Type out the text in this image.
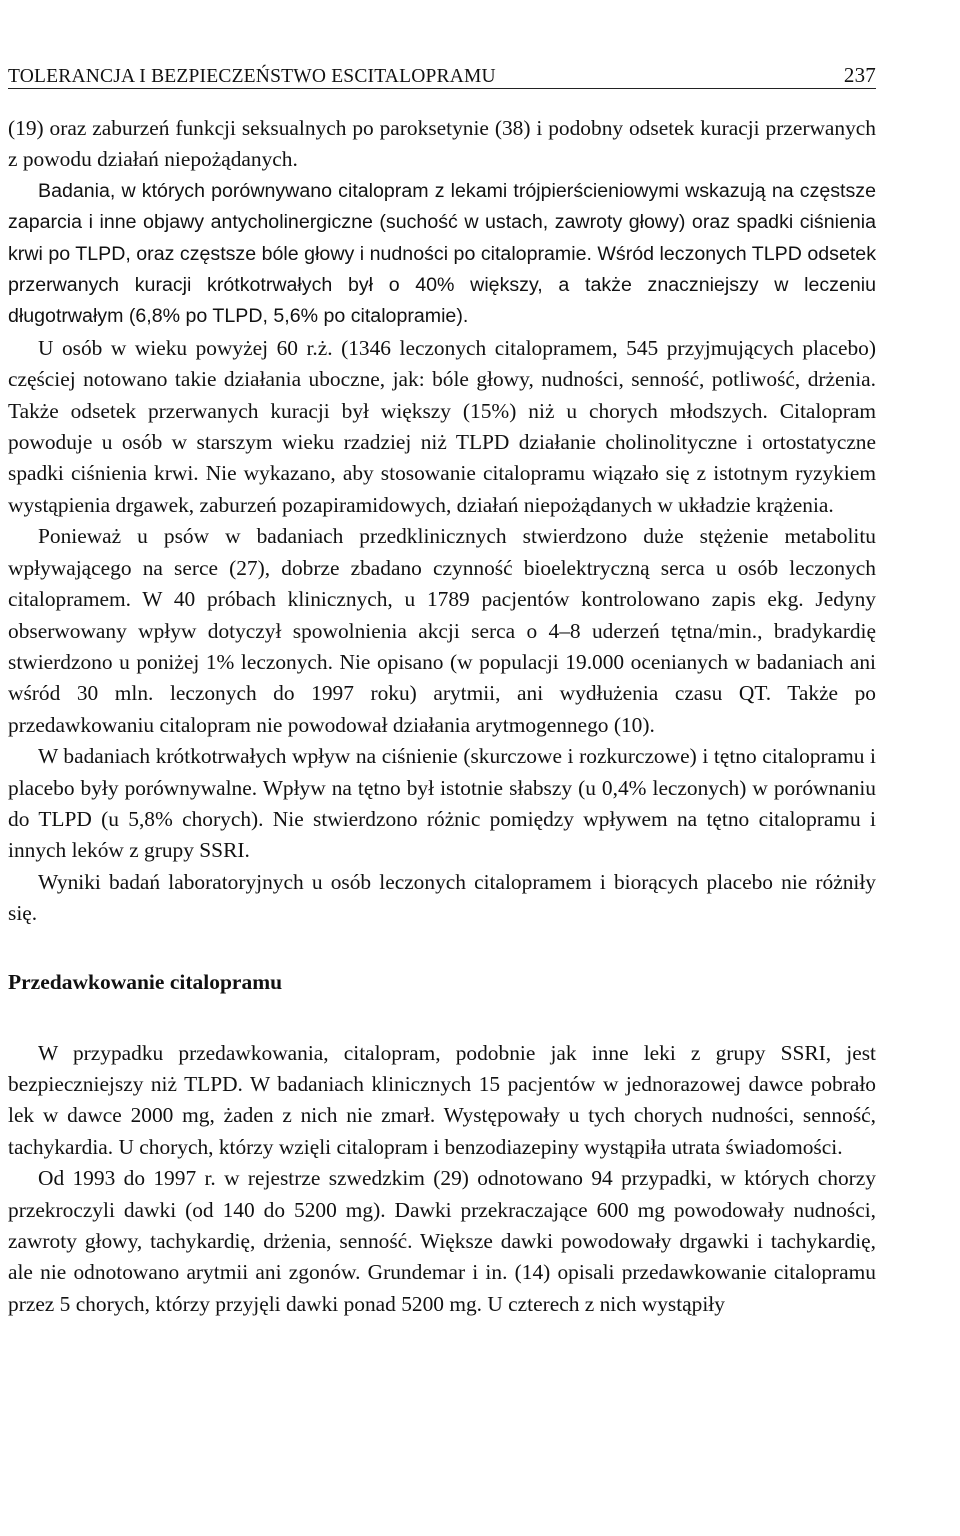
TOLERANCJA I BEZPIECZEŃSTWO ESCITALOPRAMU	237

(19) oraz zaburzeń funkcji seksualnych po paroksetynie (38) i podobny odsetek kuracji przerwanych z powodu działań niepożądanych.

Badania, w których porównywano citalopram z lekami trójpierścieniowymi wskazują na częstsze zaparcia i inne objawy antycholinergiczne (suchość w ustach, zawroty głowy) oraz spadki ciśnienia krwi po TLPD, oraz częstsze bóle głowy i nudności po citalopramie. Wśród leczonych TLPD odsetek przerwanych kuracji krótkotrwałych był o 40% większy, a także znaczniejszy w leczeniu długotrwałym (6,8% po TLPD, 5,6% po citalopramie).

U osób w wieku powyżej 60 r.ż. (1346 leczonych citalopramem, 545 przyjmujących placebo) częściej notowano takie działania uboczne, jak: bóle głowy, nudności, senność, potliwość, drżenia. Także odsetek przerwanych kuracji był większy (15%) niż u chorych młodszych. Citalopram powoduje u osób w starszym wieku rzadziej niż TLPD działanie cholinolityczne i ortostatyczne spadki ciśnienia krwi. Nie wykazano, aby stosowanie citalopramu wiązało się z istotnym ryzykiem wystąpienia drgawek, zaburzeń pozapiramidowych, działań niepożądanych w układzie krążenia.

Ponieważ u psów w badaniach przedklinicznych stwierdzono duże stężenie metabolitu wpływającego na serce (27), dobrze zbadano czynność bioelektryczną serca u osób leczonych citalopramem. W 40 próbach klinicznych, u 1789 pacjentów kontrolowano zapis ekg. Jedyny obserwowany wpływ dotyczył spowolnienia akcji serca o 4–8 uderzeń tętna/min., bradykardię stwierdzono u poniżej 1% leczonych. Nie opisano (w populacji 19.000 ocenianych w badaniach ani wśród 30 mln. leczonych do 1997 roku) arytmii, ani wydłużenia czasu QT. Także po przedawkowaniu citalopram nie powodował działania arytmogennego (10).

W badaniach krótkotrwałych wpływ na ciśnienie (skurczowe i rozkurczowe) i tętno citalopramu i placebo były porównywalne. Wpływ na tętno był istotnie słabszy (u 0,4% leczonych) w porównaniu do TLPD (u 5,8% chorych). Nie stwierdzono różnic pomiędzy wpływem na tętno citalopramu i innych leków z grupy SSRI.

Wyniki badań laboratoryjnych u osób leczonych citalopramem i biorących placebo nie różniły się.

Przedawkowanie citalopramu

W przypadku przedawkowania, citalopram, podobnie jak inne leki z grupy SSRI, jest bezpieczniejszy niż TLPD. W badaniach klinicznych 15 pacjentów w jednorazowej dawce pobrało lek w dawce 2000 mg, żaden z nich nie zmarł. Występowały u tych chorych nudności, senność, tachykardia. U chorych, którzy wzięli citalopram i benzodiazepiny wystąpiła utrata świadomości.

Od 1993 do 1997 r. w rejestrze szwedzkim (29) odnotowano 94 przypadki, w których chorzy przekroczyli dawki (od 140 do 5200 mg). Dawki przekraczające 600 mg powodowały nudności, zawroty głowy, tachykardię, drżenia, senność. Większe dawki powodowały drgawki i tachykardię, ale nie odnotowano arytmii ani zgonów. Grundemar i in. (14) opisali przedawkowanie citalopramu przez 5 chorych, którzy przyjęli dawki ponad 5200 mg. U czterech z nich wystąpiły
